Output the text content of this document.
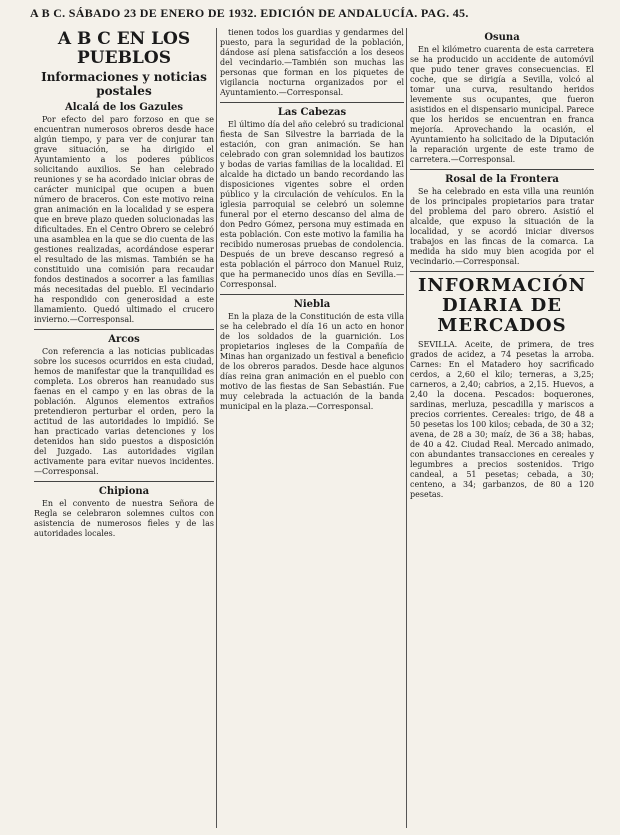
A B C. SÁBADO 23 DE ENERO DE 1932. EDICIÓN DE ANDALUCÍA. PAG. 45.
A B C EN LOS PUEBLOS
Informaciones y noticias postales
Alcalá de los Gazules
Por efecto del paro forzoso en que se encuentran numerosos obreros desde hace algún tiempo, y para ver de conjurar tan grave situación, se ha dirigido el Ayuntamiento a los poderes públicos solicitando auxilios. Se han celebrado reuniones y se ha acordado iniciar obras de carácter municipal que ocupen a buen número de braceros. Con este motivo reina gran animación en la localidad y se espera que en breve plazo queden solucionadas las dificultades. En el Centro Obrero se celebró una asamblea en la que se dio cuenta de las gestiones realizadas, acordándose esperar el resultado de las mismas. También se ha constituido una comisión para recaudar fondos destinados a socorrer a las familias más necesitadas del pueblo. El vecindario ha respondido con generosidad a este llamamiento. Quedó ultimado el crucero invierno.—Corresponsal.
Arcos
Con referencia a las noticias publicadas sobre los sucesos ocurridos en esta ciudad, hemos de manifestar que la tranquilidad es completa. Los obreros han reanudado sus faenas en el campo y en las obras de la población. Algunos elementos extraños pretendieron perturbar el orden, pero la actitud de las autoridades lo impidió. Se han practicado varias detenciones y los detenidos han sido puestos a disposición del Juzgado. Las autoridades vigilan activamente para evitar nuevos incidentes.—Corresponsal.
Chipiona
En el convento de nuestra Señora de Regla se celebraron solemnes cultos con asistencia de numerosos fieles y de las autoridades locales.
tienen todos los guardias y gendarmes del puesto, para la seguridad de la población, dándose así plena satisfacción a los deseos del vecindario.—También son muchas las personas que forman en los piquetes de vigilancia nocturna organizados por el Ayuntamiento.—Corresponsal.
Las Cabezas
El último día del año celebró su tradicional fiesta de San Silvestre la barriada de la estación, con gran animación. Se han celebrado con gran solemnidad los bautizos y bodas de varias familias de la localidad. El alcalde ha dictado un bando recordando las disposiciones vigentes sobre el orden público y la circulación de vehículos. En la iglesia parroquial se celebró un solemne funeral por el eterno descanso del alma de don Pedro Gómez, persona muy estimada en esta población. Con este motivo la familia ha recibido numerosas pruebas de condolencia. Después de un breve descanso regresó a esta población el párroco don Manuel Ruiz, que ha permanecido unos días en Sevilla.—Corresponsal.
Niebla
En la plaza de la Constitución de esta villa se ha celebrado el día 16 un acto en honor de los soldados de la guarnición. Los propietarios ingleses de la Compañía de Minas han organizado un festival a beneficio de los obreros parados. Desde hace algunos días reina gran animación en el pueblo con motivo de las fiestas de San Sebastián. Fue muy celebrada la actuación de la banda municipal en la plaza.—Corresponsal.
Osuna
En el kilómetro cuarenta de esta carretera se ha producido un accidente de automóvil que pudo tener graves consecuencias. El coche, que se dirigía a Sevilla, volcó al tomar una curva, resultando heridos levemente sus ocupantes, que fueron asistidos en el dispensario municipal. Parece que los heridos se encuentran en franca mejoría. Aprovechando la ocasión, el Ayuntamiento ha solicitado de la Diputación la reparación urgente de este tramo de carretera.—Corresponsal.
Rosal de la Frontera
Se ha celebrado en esta villa una reunión de los principales propietarios para tratar del problema del paro obrero. Asistió el alcalde, que expuso la situación de la localidad, y se acordó iniciar diversos trabajos en las fincas de la comarca. La medida ha sido muy bien acogida por el vecindario.—Corresponsal.
INFORMACIÓN DIARIA DE MERCADOS
SEVILLA. Aceite, de primera, de tres grados de acidez, a 74 pesetas la arroba. Carnes: En el Matadero hoy sacrificado cerdos, a 2,60 el kilo; terneras, a 3,25; carneros, a 2,40; cabrios, a 2,15. Huevos, a 2,40 la docena. Pescados: boquerones, sardinas, merluza, pescadilla y mariscos a precios corrientes. Cereales: trigo, de 48 a 50 pesetas los 100 kilos; cebada, de 30 a 32; avena, de 28 a 30; maíz, de 36 a 38; habas, de 40 a 42. Ciudad Real. Mercado animado, con abundantes transacciones en cereales y legumbres a precios sostenidos. Trigo candeal, a 51 pesetas; cebada, a 30; centeno, a 34; garbanzos, de 80 a 120 pesetas.
